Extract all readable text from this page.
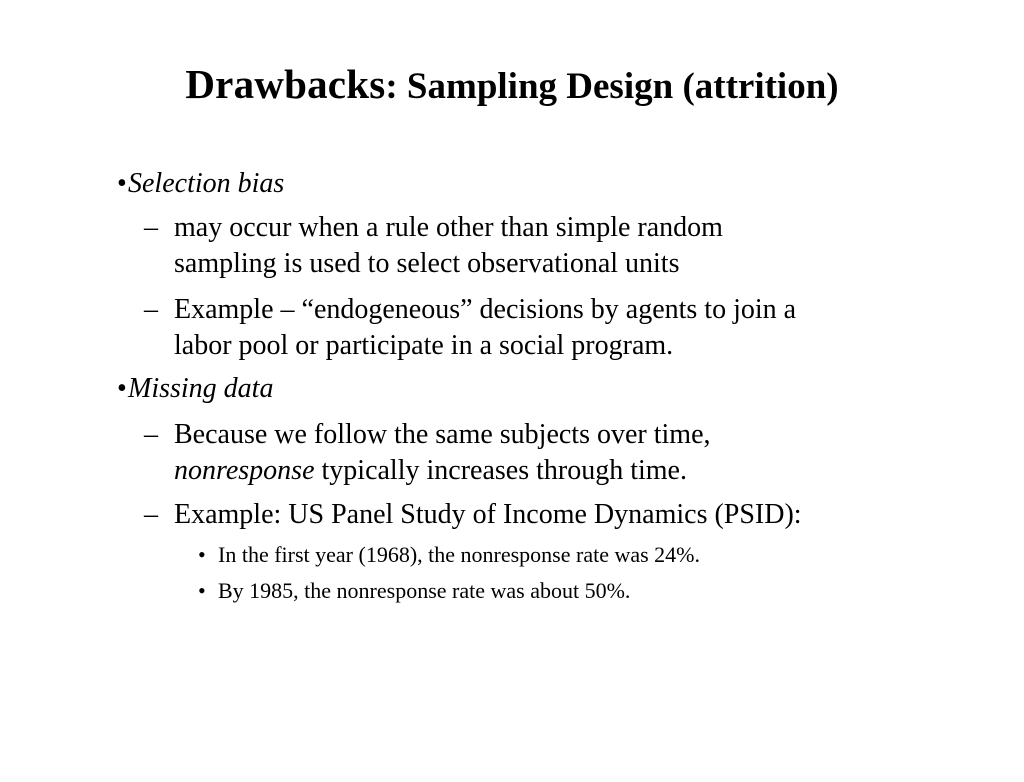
Drawbacks: Sampling Design (attrition)
• Selection bias
– may occur when a rule other than simple random
sampling is used to select observational units
– Example – “endogeneous” decisions by agents to join a
labor pool or participate in a social program.
• Missing data
– Because we follow the same subjects over time,
nonresponse typically increases through time.
– Example: US Panel Study of Income Dynamics (PSID):
• In the first year (1968), the nonresponse rate was 24%.
• By 1985, the nonresponse rate was about 50%.
